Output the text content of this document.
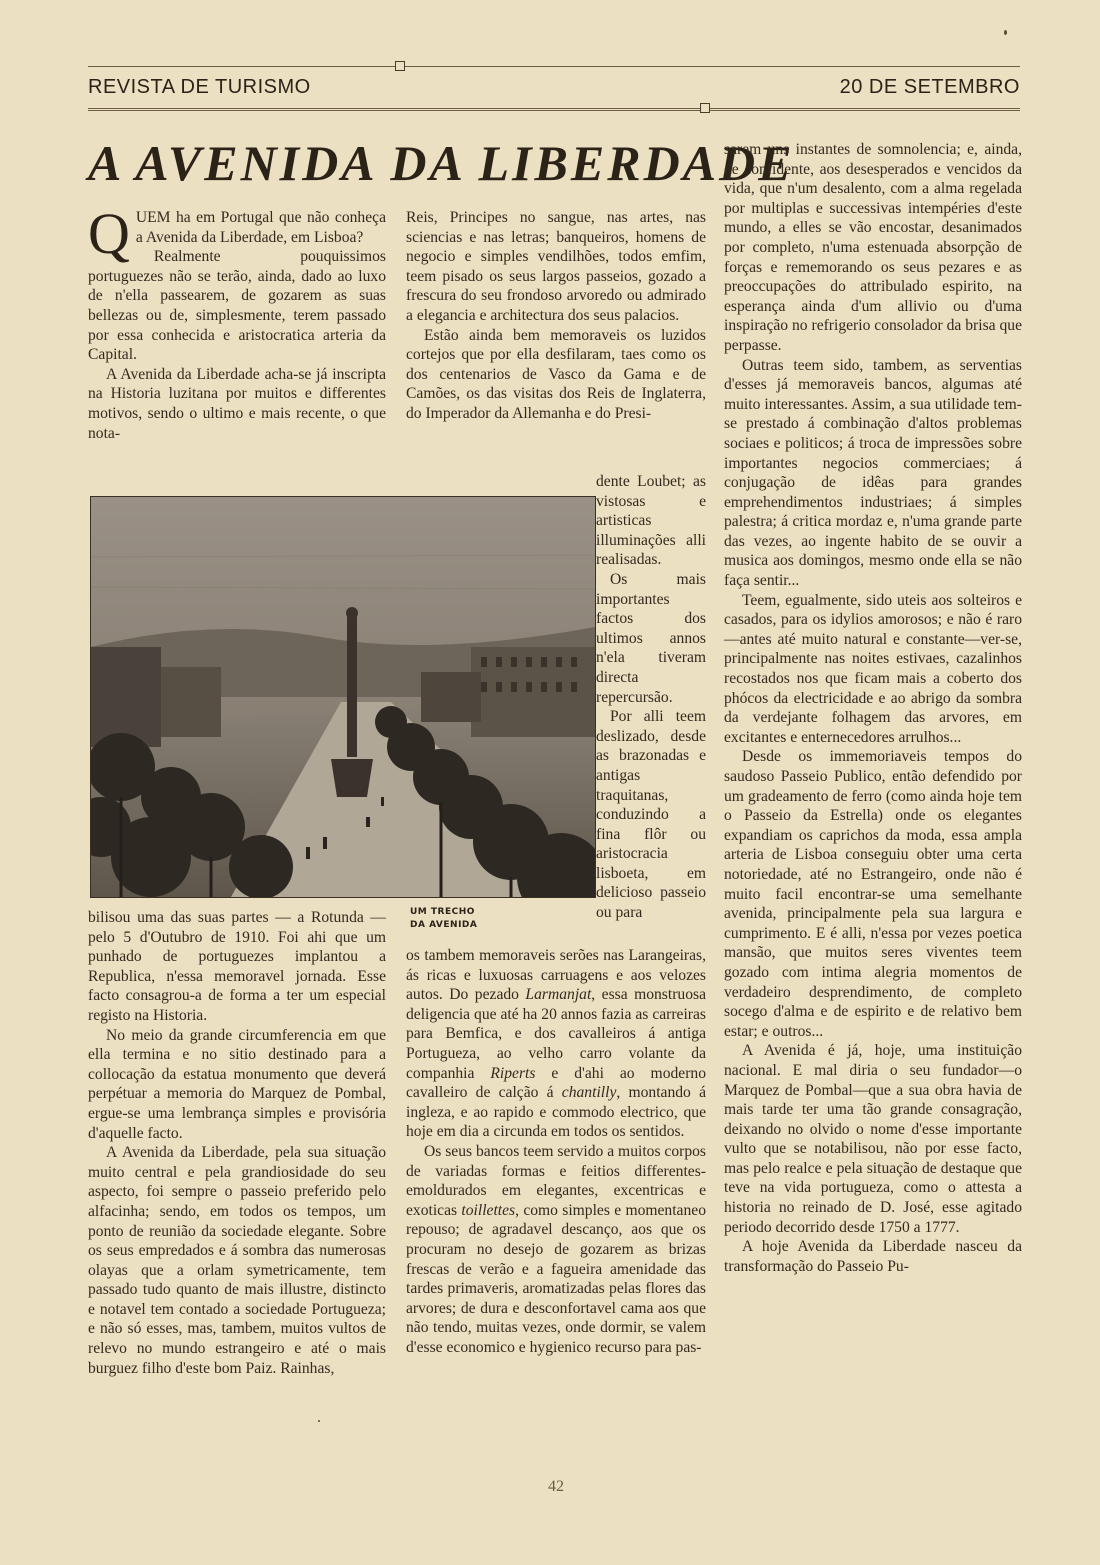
REVISTA DE TURISMO	20 DE SETEMBRO
A AVENIDA DA LIBERDADE

QUEM ha em Portugal que não conheça a Avenida da Liberdade, em Lisboa?

Realmente pouquissimos portuguezes não se terão, ainda, dado ao luxo de n'ella passearem, de gozarem as suas bellezas ou de, simplesmente, terem passado por essa conhecida e aristocratica arteria da Capital.

A Avenida da Liberdade acha-se já inscripta na Historia luzitana por muitos e differentes motivos, sendo o ultimo e mais recente, o que nota-

Reis, Principes no sangue, nas artes, nas sciencias e nas letras; banqueiros, homens de negocio e simples vendilhões, todos emfim, teem pisado os seus largos passeios, gozado a frescura do seu frondoso arvoredo ou admirado a elegancia e architectura dos seus palacios.

Estão ainda bem memoraveis os luzidos cortejos que por ella desfilaram, taes como os dos centenarios de Vasco da Gama e de Camões, os das visitas dos Reis de Inglaterra, do Imperador da Allemanha e do Presi-

dente Loubet; as vistosas e artisticas illuminações alli realisadas.

Os mais importantes factos dos ultimos annos n'ela tiveram directa repercursão.

Por alli teem deslizado, desde as brazonadas e antigas traquitanas, conduzindo a fina flôr ou aristocracia lisboeta, em delicioso passeio ou para

UM TRECHO
DA AVENIDA

bilisou uma das suas partes — a Rotunda — pelo 5 d'Outubro de 1910. Foi ahi que um punhado de portuguezes implantou a Republica, n'essa memoravel jornada. Esse facto consagrou-a de forma a ter um especial registo na Historia.

No meio da grande circumferencia em que ella termina e no sitio destinado para a collocação da estatua monumento que deverá perpétuar a memoria do Marquez de Pombal, ergue-se uma lembrança simples e provisória d'aquelle facto.

A Avenida da Liberdade, pela sua situação muito central e pela grandiosidade do seu aspecto, foi sempre o passeio preferido pelo alfacinha; sendo, em todos os tempos, um ponto de reunião da sociedade elegante. Sobre os seus empredados e á sombra das numerosas olayas que a orlam symetricamente, tem passado tudo quanto de mais illustre, distincto e notavel tem contado a sociedade Portugueza; e não só esses, mas, tambem, muitos vultos de relevo no mundo estrangeiro e até o mais burguez filho d'este bom Paiz. Rainhas,

os tambem memoraveis serões nas Larangeiras, ás ricas e luxuosas carruagens e aos velozes autos. Do pezado Larmanjat, essa monstruosa deligencia que até ha 20 annos fazia as carreiras para Bemfica, e dos cavalleiros á antiga Portugueza, ao velho carro volante da companhia Riperts e d'ahi ao moderno cavalleiro de calção á chantilly, montando á ingleza, e ao rapido e commodo electrico, que hoje em dia a circunda em todos os sentidos.

Os seus bancos teem servido a muitos corpos de variadas formas e feitios differentes-emoldurados em elegantes, excentricas e exoticas toillettes, como simples e momentaneo repouso; de agradavel descanço, aos que os procuram no desejo de gozarem as brizas frescas de verão e a fagueira amenidade das tardes primaveris, aromatizadas pelas flores das arvores; de dura e desconfortavel cama aos que não tendo, muitas vezes, onde dormir, se valem d'esse economico e hygienico recurso para pas-

sarem uns instantes de somnolencia; e, ainda, de confidente, aos desesperados e vencidos da vida, que n'um desalento, com a alma regelada por multiplas e successivas intempéries d'este mundo, a elles se vão encostar, desanimados por completo, n'uma estenuada absorpção de forças e rememorando os seus pezares e as preoccupações do attribulado espirito, na esperança ainda d'um allivio ou d'uma inspiração no refrigerio consolador da brisa que perpasse.

Outras teem sido, tambem, as serventias d'esses já memoraveis bancos, algumas até muito interessantes. Assim, a sua utilidade tem-se prestado á combinação d'altos problemas sociaes e politicos; á troca de impressões sobre importantes negocios commerciaes; á conjugação de idêas para grandes emprehendimentos industriaes; á simples palestra; á critica mordaz e, n'uma grande parte das vezes, ao ingente habito de se ouvir a musica aos domingos, mesmo onde ella se não faça sentir...

Teem, egualmente, sido uteis aos solteiros e casados, para os idylios amorosos; e não é raro—antes até muito natural e constante—ver-se, principalmente nas noites estivaes, cazalinhos recostados nos que ficam mais a coberto dos phócos da electricidade e ao abrigo da sombra da verdejante folhagem das arvores, em excitantes e enternecedores arrulhos...

Desde os immemoriaveis tempos do saudoso Passeio Publico, então defendido por um gradeamento de ferro (como ainda hoje tem o Passeio da Estrella) onde os elegantes expandiam os caprichos da moda, essa ampla arteria de Lisboa conseguiu obter uma certa notoriedade, até no Estrangeiro, onde não é muito facil encontrar-se uma semelhante avenida, principalmente pela sua largura e cumprimento. E é alli, n'essa por vezes poetica mansão, que muitos seres viventes teem gozado com intima alegria momentos de verdadeiro desprendimento, de completo socego d'alma e de espirito e de relativo bem estar; e outros...

A Avenida é já, hoje, uma instituição nacional. E mal diria o seu fundador—o Marquez de Pombal—que a sua obra havia de mais tarde ter uma tão grande consagração, deixando no olvido o nome d'esse importante vulto que se notabilisou, não por esse facto, mas pelo realce e pela situação de destaque que teve na vida portugueza, como o attesta a historia no reinado de D. José, esse agitado periodo decorrido desde 1750 a 1777.

A hoje Avenida da Liberdade nasceu da transformação do Passeio Pu-

42
